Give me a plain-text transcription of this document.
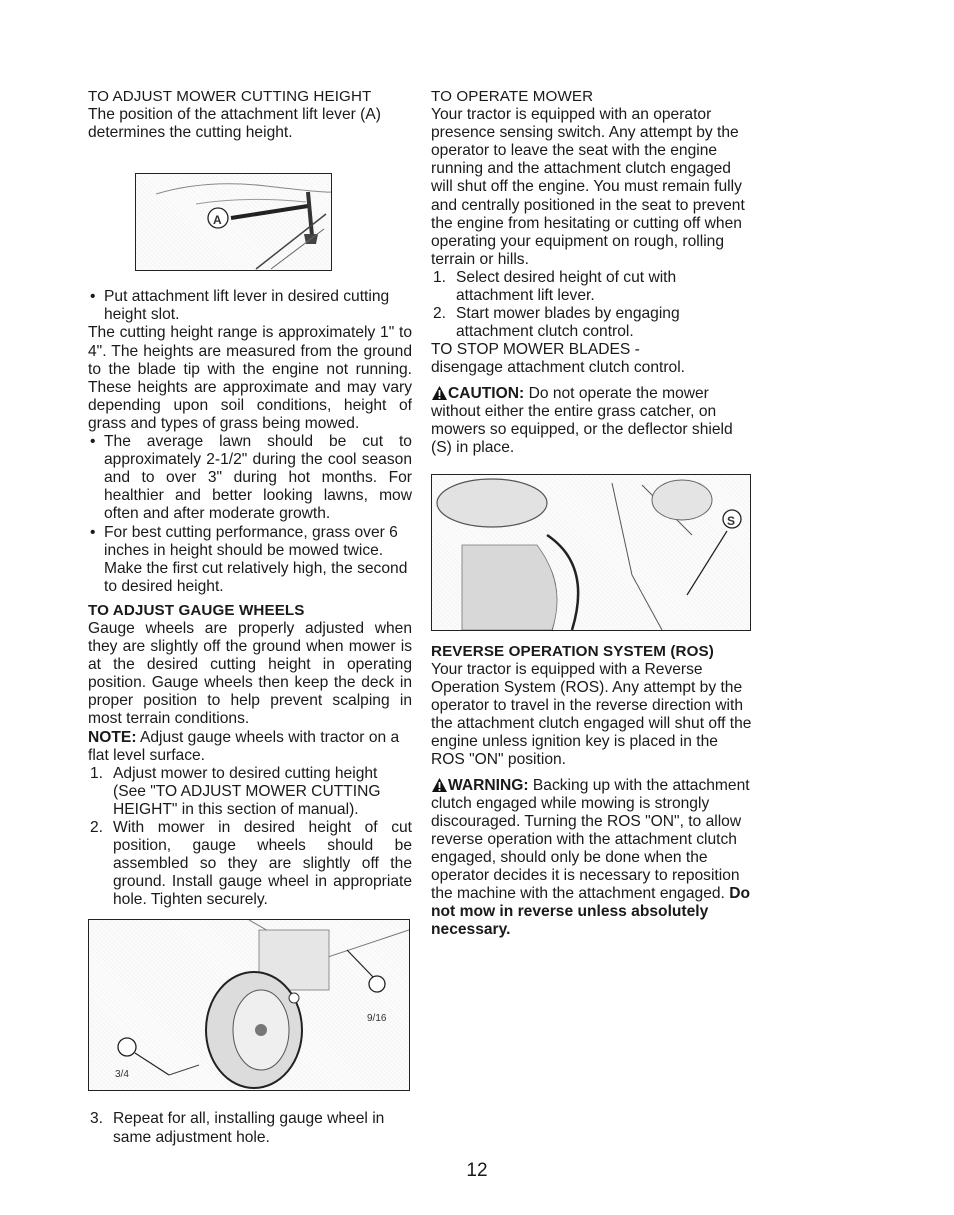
TO ADJUST MOWER CUTTING HEIGHT

The position of the attachment lift lever (A) determines the cutting height.

A

• Put attachment lift lever in desired cutting height slot.

The cutting height range is approximately 1" to 4". The heights are measured from the ground to the blade tip with the engine not running. These heights are approximate and may vary depending upon soil conditions, height of grass and types of grass being mowed.

• The average lawn should be cut to approximately 2-1/2" during the cool season and to over 3" during hot months. For healthier and better looking lawns, mow often and after moderate growth.

• For best cutting performance, grass over 6 inches in height should be mowed twice. Make the first cut relatively high, the second to desired height.

TO ADJUST GAUGE WHEELS

Gauge wheels are properly adjusted when they are slightly off the ground when mower is at the desired cutting height in operating position. Gauge wheels then keep the deck in proper position to help prevent scalping in most terrain conditions.

NOTE: Adjust gauge wheels with tractor on a flat level surface.

1. Adjust mower to desired cutting height (See "TO ADJUST MOWER CUTTING HEIGHT" in this section of manual).

2. With mower in desired height of cut position, gauge wheels should be assembled so they are slightly off the ground. Install gauge wheel in appropriate hole. Tighten securely.

9/16
3/4

3. Repeat for all, installing gauge wheel in same adjustment hole.

TO OPERATE MOWER

Your tractor is equipped with an operator presence sensing switch. Any attempt by the operator to leave the seat with the engine running and the attachment clutch engaged will shut off the engine. You must remain fully and centrally positioned in the seat to prevent the engine from hesitating or cutting off when operating your equipment on rough, rolling terrain or hills.

1. Select desired height of cut with attachment lift lever.

2. Start mower blades by engaging attachment clutch control.

TO STOP MOWER BLADES -

disengage attachment clutch control.

CAUTION: Do not operate the mower without either the entire grass catcher, on mowers so equipped, or the deflector shield (S) in place.

S

REVERSE OPERATION SYSTEM (ROS)

Your tractor is equipped with a Reverse Operation System (ROS). Any attempt by the operator to travel in the reverse direction with the attachment clutch engaged will shut off the engine unless ignition key is placed in the ROS "ON" position.

WARNING: Backing up with the attachment clutch engaged while mowing is strongly discouraged. Turning the ROS "ON", to allow reverse operation with the attachment clutch engaged, should only be done when the operator decides it is necessary to reposition the machine with the attachment engaged. Do not mow in reverse unless absolutely necessary.

12
